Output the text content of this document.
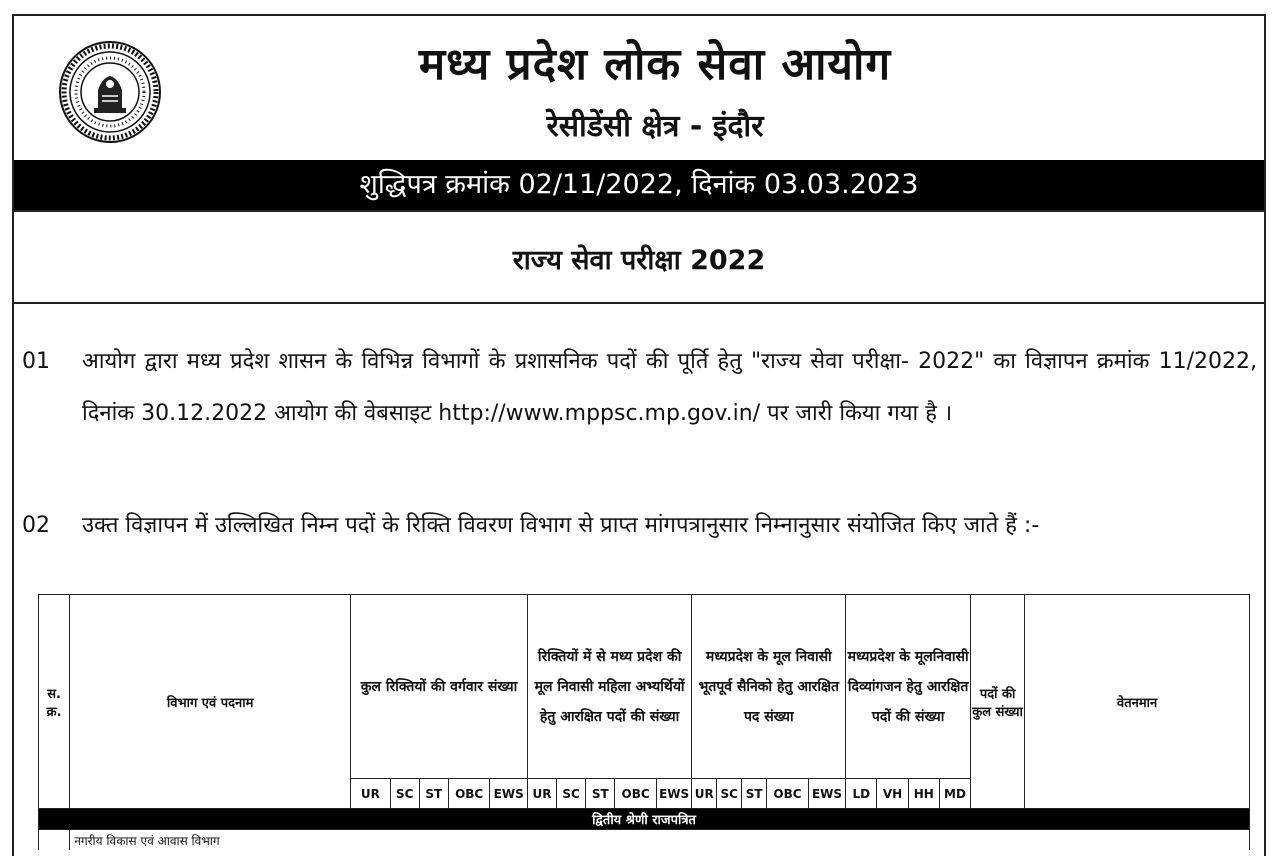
मध्य प्रदेश लोक सेवा आयोग
रेसीडेंसी क्षेत्र - इंदौर
शुद्धिपत्र क्रमांक 02/11/2022, दिनांक 03.03.2023
राज्य सेवा परीक्षा 2022
01	आयोग द्वारा मध्य प्रदेश शासन के विभिन्न विभागों के प्रशासनिक पदों की पूर्ति हेतु "राज्य सेवा परीक्षा- 2022" का विज्ञापन क्रमांक 11/2022, दिनांक 30.12.2022 आयोग की वेबसाइट http://www.mppsc.mp.gov.in/ पर जारी किया गया है ।
02	उक्त विज्ञापन में उल्लिखित निम्न पदों के रिक्ति विवरण विभाग से प्राप्त मांगपत्रानुसार निम्नानुसार संयोजित किए जाते हैं :-
स. क्र.	विभाग एवं पदनाम	कुल रिक्तियों की वर्गवार संख्या					रिक्तियों में से मध्य प्रदेश की मूल निवासी महिला अभ्यर्थियों हेतु आरक्षित पदों की संख्या					मध्यप्रदेश के मूल निवासी भूतपूर्व सैनिको हेतु आरक्षित पद संख्या					मध्यप्रदेश के मूलनिवासी दिव्यांगजन हेतु आरक्षित पदों की संख्या				पदों की कुल संख्या	वेतनमान
		UR	SC	ST	OBC	EWS	UR	SC	ST	OBC	EWS	UR	SC	ST	OBC	EWS	LD	VH	HH	MD		
द्वितीय श्रेणी राजपत्रित																						
	नगरीय विकास एवं आवास विभाग																					
